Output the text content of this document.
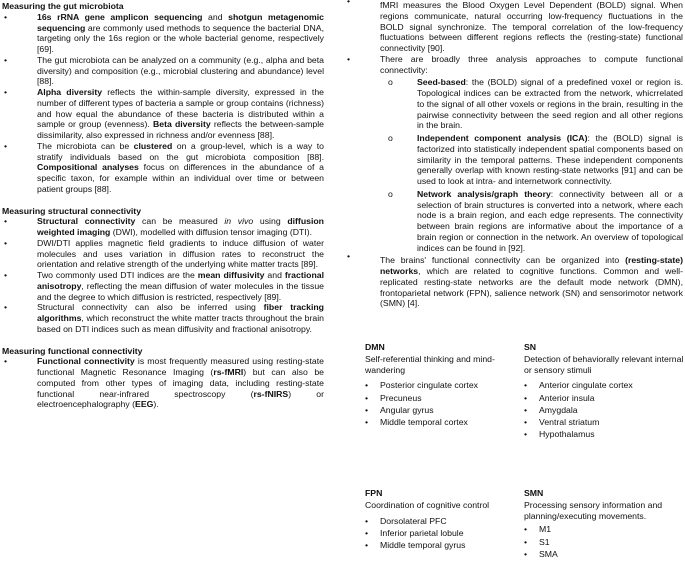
Measuring the gut microbiota

•	16s rRNA gene amplicon sequencing and shotgun metagenomic sequencing are commonly used methods to sequence the bacterial DNA, targeting only the 16s region or the whole bacterial genome, respectively [69].

•	The gut microbiota can be analyzed on a community (e.g., alpha and beta diversity) and composition (e.g., microbial clustering and abundance) level [88].

•	Alpha diversity reflects the within-sample diversity, expressed in the number of different types of bacteria a sample or group contains (richness) and how equal the abundance of these bacteria is distributed within a sample or group (evenness). Beta diversity reflects the between-sample dissimilarity, also expressed in richness and/or evenness [88].

•	The microbiota can be clustered on a group-level, which is a way to stratify individuals based on the gut microbiota composition [88]. Compositional analyses focus on differences in the abundance of a specific taxon, for example within an individual over time or between patient groups [88].

Measuring structural connectivity

•	Structural connectivity can be measured in vivo using diffusion weighted imaging (DWI), modelled with diffusion tensor imaging (DTI).

•	DWI/DTI applies magnetic field gradients to induce diffusion of water molecules and uses variation in diffusion rates to reconstruct the orientation and relative strength of the underlying white matter tracts [89].

•	Two commonly used DTI indices are the mean diffusivity and fractional anisotropy, reflecting the mean diffusion of water molecules in the tissue and the degree to which diffusion is restricted, respectively [89].

•	Structural connectivity can also be inferred using fiber tracking algorithms, which reconstruct the white matter tracts throughout the brain based on DTI indices such as mean diffusivity and fractional anisotropy.

Measuring functional connectivity

•	Functional connectivity is most frequently measured using resting-state functional Magnetic Resonance Imaging (rs-fMRI) but can also be computed from other types of imaging data, including resting-state functional near-infrared spectroscopy (rs-fNIRS) or electroencephalography (EEG).

•	fMRI measures the Blood Oxygen Level Dependent (BOLD) signal. When regions communicate, natural occurring low-frequency fluctuations in the BOLD signal synchronize. The temporal correlation of the low-frequency fluctuations between different regions reflects the (resting-state) functional connectivity [90].

•	There are broadly three analysis approaches to compute functional connectivity:

o	Seed-based: the (BOLD) signal of a predefined voxel or region is. Topological indices can be extracted from the network, whicrrelated to the signal of all other voxels or regions in the brain, resulting in the pairwise connectivity between the seed region and all other regions in the brain.

o	Independent component analysis (ICA): the (BOLD) signal is factorized into statistically independent spatial components based on similarity in the temporal patterns. These independent components generally overlap with known resting-state networks [91] and can be used to look at intra- and internetwork connectivity.

o	Network analysis/graph theory: connectivity between all or a selection of brain structures is converted into a network, where each node is a brain region, and each edge represents. The connectivity between brain regions are informative about the importance of a brain region or connection in the network. An overview of topological indices can be found in [92].

•	The brains' functional connectivity can be organized into (resting-state) networks, which are related to cognitive functions. Common and well-replicated resting-state networks are the default mode network (DMN), frontoparietal network (FPN), salience network (SN) and sensorimotor network (SMN) [4].

DMN
Self-referential thinking and mind-wandering
• Posterior cingulate cortex
• Precuneus
• Angular gyrus
• Middle temporal cortex
SN
Detection of behaviorally relevant internal or sensory stimuli
• Anterior cingulate cortex
• Anterior insula
• Amygdala
• Ventral striatum
• Hypothalamus
FPN
Coordination of cognitive control
• Dorsolateral PFC
• Inferior parietal lobule
• Middle temporal gyrus
SMN
Processing sensory information and planning/executing movements.
• M1
• S1
• SMA
